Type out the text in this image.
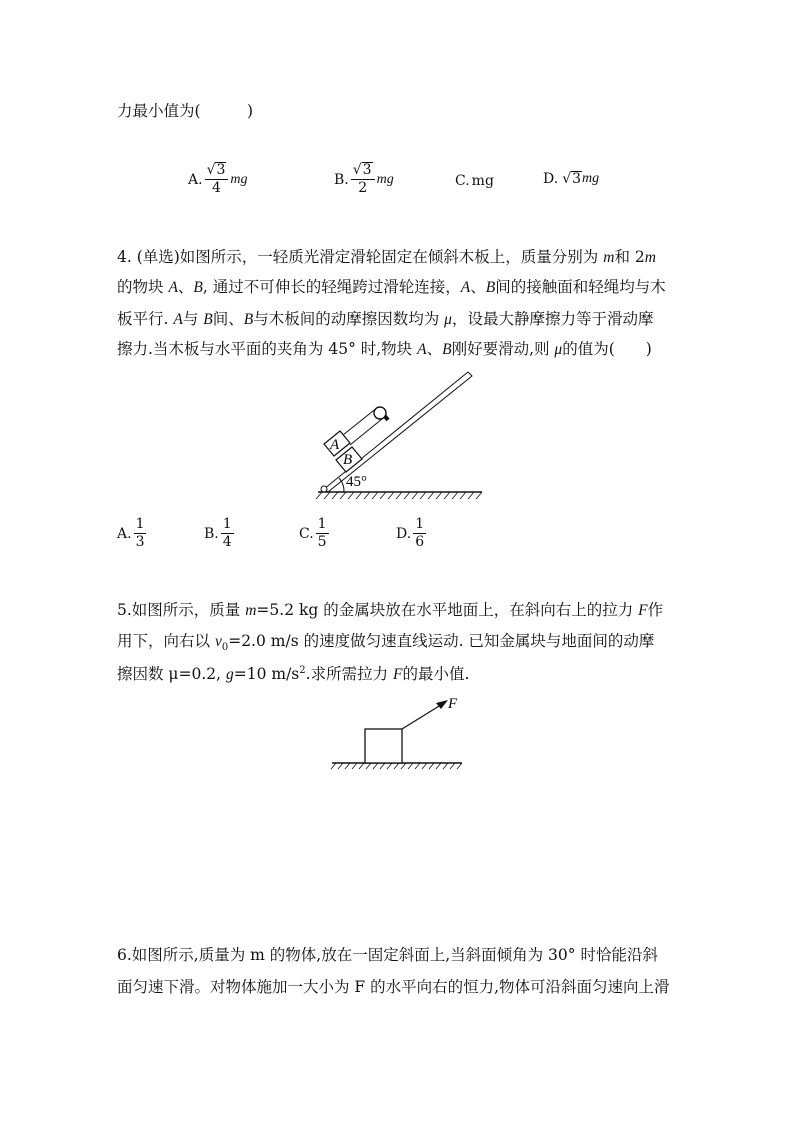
力最小值为(　　　)
A. $\frac{√ 3}{4}$ mg	B. $\frac{√ 3}{2}$ mg	C. mg	D. √ 3 mg
4. (单选)如图所示，一轻质光滑定滑轮固定在倾斜木板上，质量分别为 m和 2m
的物块 A、B, 通过不可伸长的轻绳跨过滑轮连接，A、B间的接触面和轻绳均与木
板平行. A与 B间、B与木板间的动摩擦因数均为 μ，设最大静摩擦力等于滑动摩
擦力.当木板与水平面的夹角为 45° 时,物块 A、B刚好要滑动,则 μ的值为(　　)
A
B
45°
A. $\frac{1}{3}$	B. $\frac{1}{4}$	C. $\frac{1}{5}$	D. $\frac{1}{6}$
5.如图所示，质量 m=5.2 kg 的金属块放在水平地面上，在斜向右上的拉力 F作
用下，向右以 $v_0=2.0$ m/s 的速度做匀速直线运动. 已知金属块与地面间的动摩
擦因数 μ=0.2, g=10 $m/s^2$.求所需拉力 F的最小值.
F
6.如图所示,质量为 m 的物体,放在一固定斜面上,当斜面倾角为 30° 时恰能沿斜
面匀速下滑。对物体施加一大小为 F 的水平向右的恒力,物体可沿斜面匀速向上滑
